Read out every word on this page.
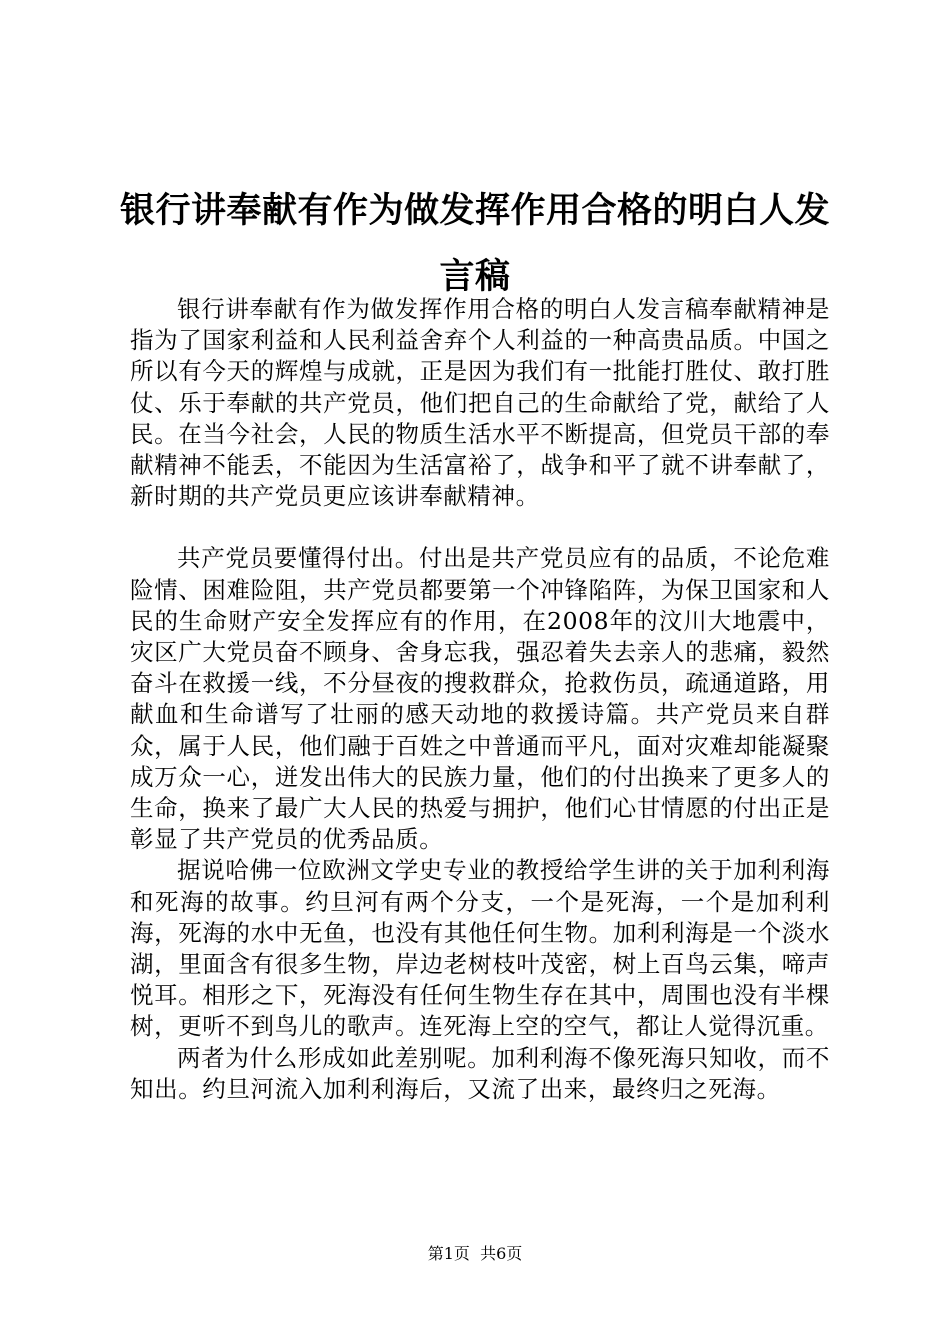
银行讲奉献有作为做发挥作用合格的明白人发言稿

银行讲奉献有作为做发挥作用合格的明白人发言稿奉献精神是指为了国家利益和人民利益舍弃个人利益的一种高贵品质。中国之所以有今天的辉煌与成就，正是因为我们有一批能打胜仗、敢打胜仗、乐于奉献的共产党员，他们把自己的生命献给了党，献给了人民。在当今社会，人民的物质生活水平不断提高，但党员干部的奉献精神不能丢，不能因为生活富裕了，战争和平了就不讲奉献了，新时期的共产党员更应该讲奉献精神。

共产党员要懂得付出。付出是共产党员应有的品质，不论危难险情、困难险阻，共产党员都要第一个冲锋陷阵，为保卫国家和人民的生命财产安全发挥应有的作用，在2008年的汶川大地震中，灾区广大党员奋不顾身、舍身忘我，强忍着失去亲人的悲痛，毅然奋斗在救援一线，不分昼夜的搜救群众，抢救伤员，疏通道路，用献血和生命谱写了壮丽的感天动地的救援诗篇。共产党员来自群众，属于人民，他们融于百姓之中普通而平凡，面对灾难却能凝聚成万众一心，迸发出伟大的民族力量，他们的付出换来了更多人的生命，换来了最广大人民的热爱与拥护，他们心甘情愿的付出正是彰显了共产党员的优秀品质。

据说哈佛一位欧洲文学史专业的教授给学生讲的关于加利利海和死海的故事。约旦河有两个分支，一个是死海，一个是加利利海，死海的水中无鱼，也没有其他任何生物。加利利海是一个淡水湖，里面含有很多生物，岸边老树枝叶茂密，树上百鸟云集，啼声悦耳。相形之下，死海没有任何生物生存在其中，周围也没有半棵树，更听不到鸟儿的歌声。连死海上空的空气，都让人觉得沉重。

两者为什么形成如此差别呢。加利利海不像死海只知收，而不知出。约旦河流入加利利海后，又流了出来，最终归之死海。

第1页 共6页
